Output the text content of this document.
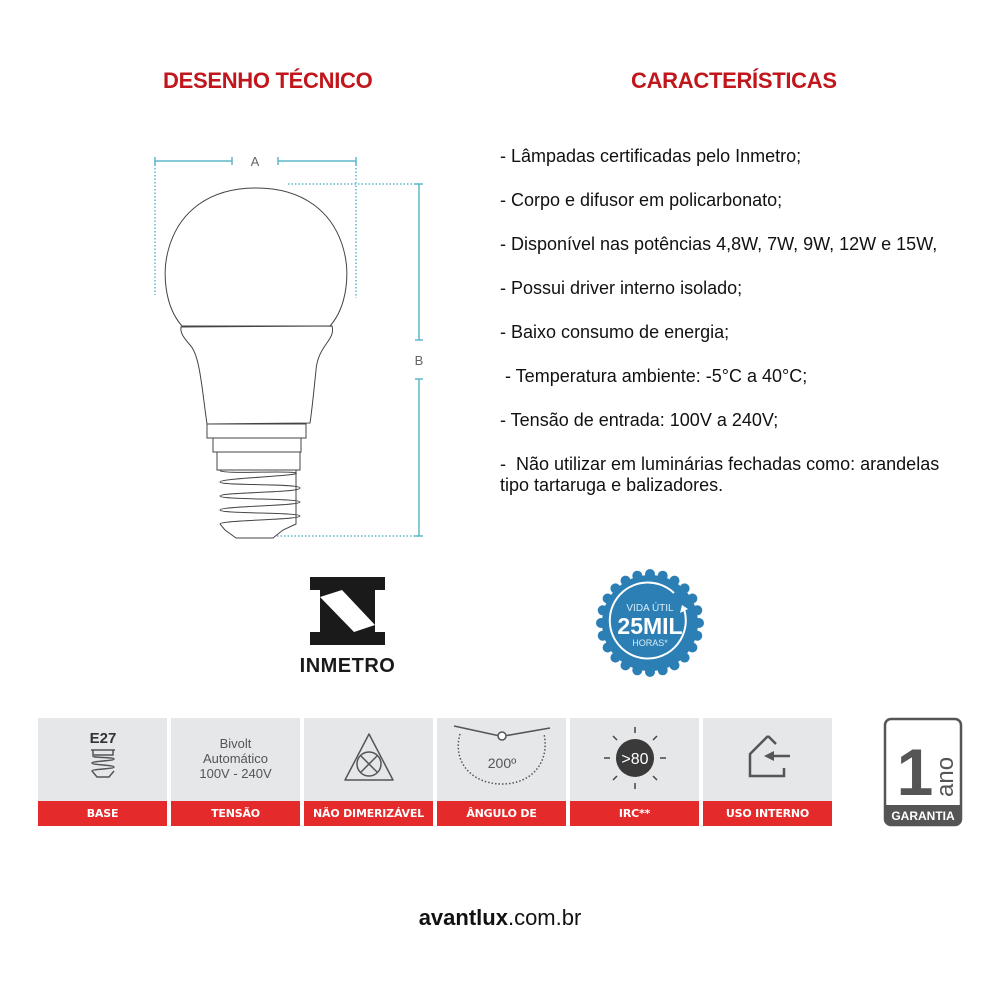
DESENHO TÉCNICO	CARACTERÍSTICAS
A
B
- Lâmpadas certificadas pelo Inmetro;
- Corpo e difusor em policarbonato;
- Disponível nas potências 4,8W, 7W, 9W, 12W e 15W,
- Possui driver interno isolado;
- Baixo consumo de energia;
- Temperatura ambiente: -5°C a 40°C;
- Tensão de entrada: 100V a 240V;
-  Não utilizar em luminárias fechadas como: arandelas tipo tartaruga e balizadores.
INMETRO
VIDA ÚTIL
25MIL
HORAS*
E27
BASE
Bivolt
Automático
100V - 240V
TENSÃO	NÃO DIMERIZÁVEL
200º
ÂNGULO DE ABERTURA
>80
IRC**	USO INTERNO
1
ano
GARANTIA
avantlux.com.br
